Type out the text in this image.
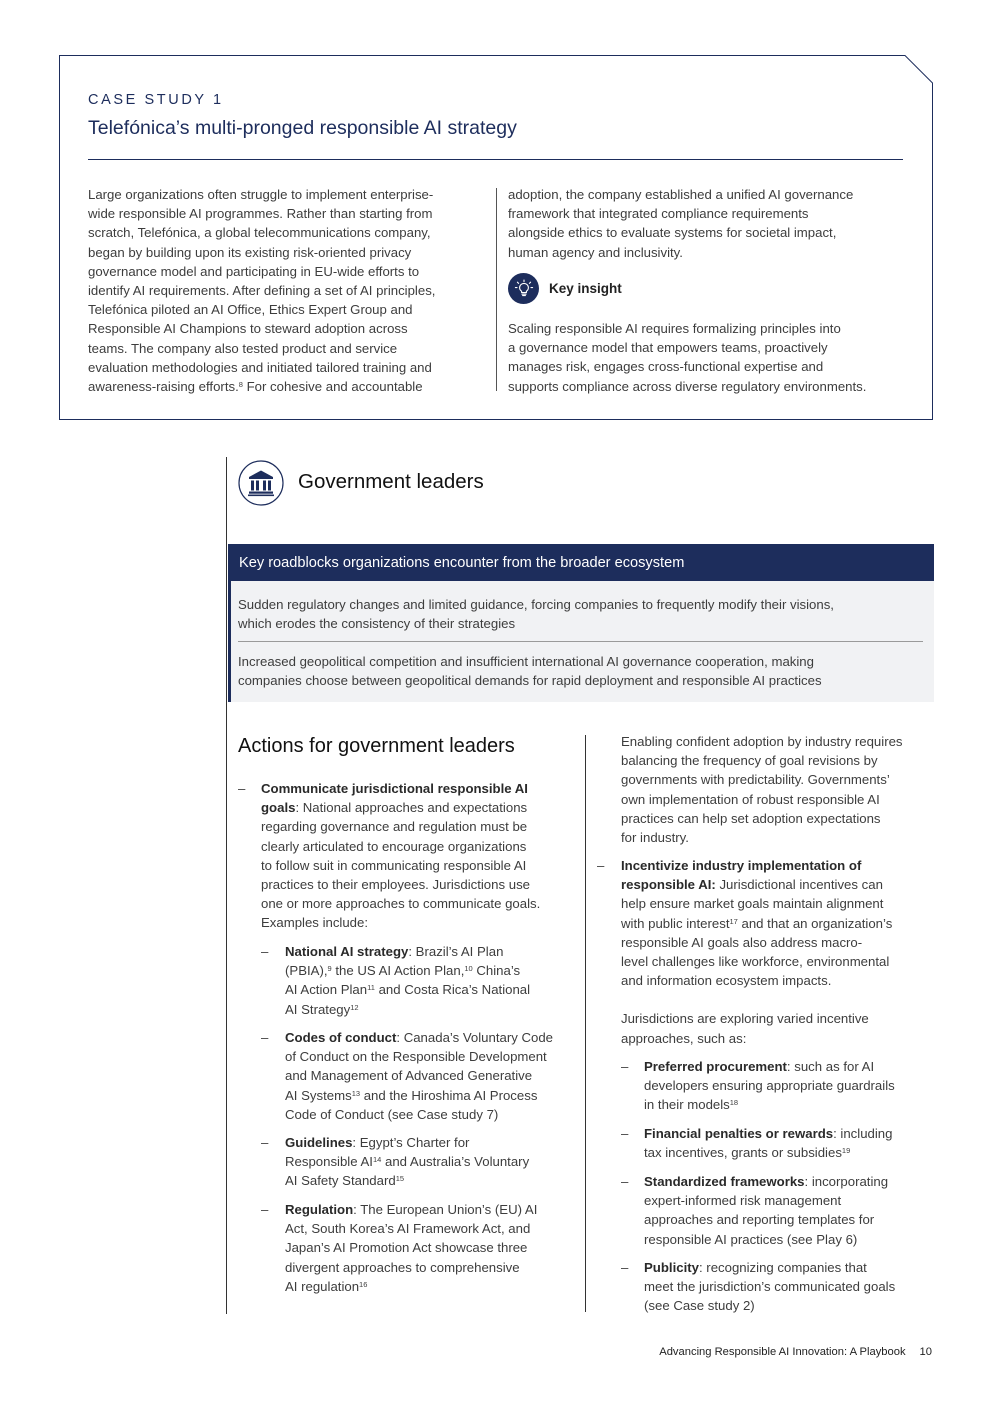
CASE STUDY 1
Telefónica’s multi-pronged responsible AI strategy
Large organizations often struggle to implement enterprise-
wide responsible AI programmes. Rather than starting from
scratch, Telefónica, a global telecommunications company,
began by building upon its existing risk-oriented privacy
governance model and participating in EU-wide efforts to
identify AI requirements. After defining a set of AI principles,
Telefónica piloted an AI Office, Ethics Expert Group and
Responsible AI Champions to steward adoption across
teams. The company also tested product and service
evaluation methodologies and initiated tailored training and
awareness-raising efforts.$^8$ For cohesive and accountable
adoption, the company established a unified AI governance
framework that integrated compliance requirements
alongside ethics to evaluate systems for societal impact,
human agency and inclusivity.
Key insight
Scaling responsible AI requires formalizing principles into
a governance model that empowers teams, proactively
manages risk, engages cross-functional expertise and
supports compliance across diverse regulatory environments.
Government leaders
Key roadblocks organizations encounter from the broader ecosystem
Sudden regulatory changes and limited guidance, forcing companies to frequently modify their visions,
which erodes the consistency of their strategies
Increased geopolitical competition and insufficient international AI governance cooperation, making
companies choose between geopolitical demands for rapid deployment and responsible AI practices
Actions for government leaders
– Communicate jurisdictional responsible AI
goals: National approaches and expectations
regarding governance and regulation must be
clearly articulated to encourage organizations
to follow suit in communicating responsible AI
practices to their employees. Jurisdictions use
one or more approaches to communicate goals.
Examples include:
– National AI strategy: Brazil’s AI Plan
(PBIA),$^9$ the US AI Action Plan,$^{10}$ China’s
AI Action Plan$^{11}$ and Costa Rica’s National
AI Strategy$^{12}$
– Codes of conduct: Canada’s Voluntary Code
of Conduct on the Responsible Development
and Management of Advanced Generative
AI Systems$^{13}$ and the Hiroshima AI Process
Code of Conduct (see Case study 7)
– Guidelines: Egypt’s Charter for
Responsible AI$^{14}$ and Australia’s Voluntary
AI Safety Standard$^{15}$
– Regulation: The European Union’s (EU) AI
Act, South Korea’s AI Framework Act, and
Japan’s AI Promotion Act showcase three
divergent approaches to comprehensive
AI regulation$^{16}$
Enabling confident adoption by industry requires
balancing the frequency of goal revisions by
governments with predictability. Governments’
own implementation of robust responsible AI
practices can help set adoption expectations
for industry.
– Incentivize industry implementation of
responsible AI: Jurisdictional incentives can
help ensure market goals maintain alignment
with public interest$^{17}$ and that an organization’s
responsible AI goals also address macro-
level challenges like workforce, environmental
and information ecosystem impacts.
Jurisdictions are exploring varied incentive
approaches, such as:
– Preferred procurement: such as for AI
developers ensuring appropriate guardrails
in their models$^{18}$
– Financial penalties or rewards: including
tax incentives, grants or subsidies$^{19}$
– Standardized frameworks: incorporating
expert-informed risk management
approaches and reporting templates for
responsible AI practices (see Play 6)
– Publicity: recognizing companies that
meet the jurisdiction’s communicated goals
(see Case study 2)
Advancing Responsible AI Innovation: A Playbook 10
